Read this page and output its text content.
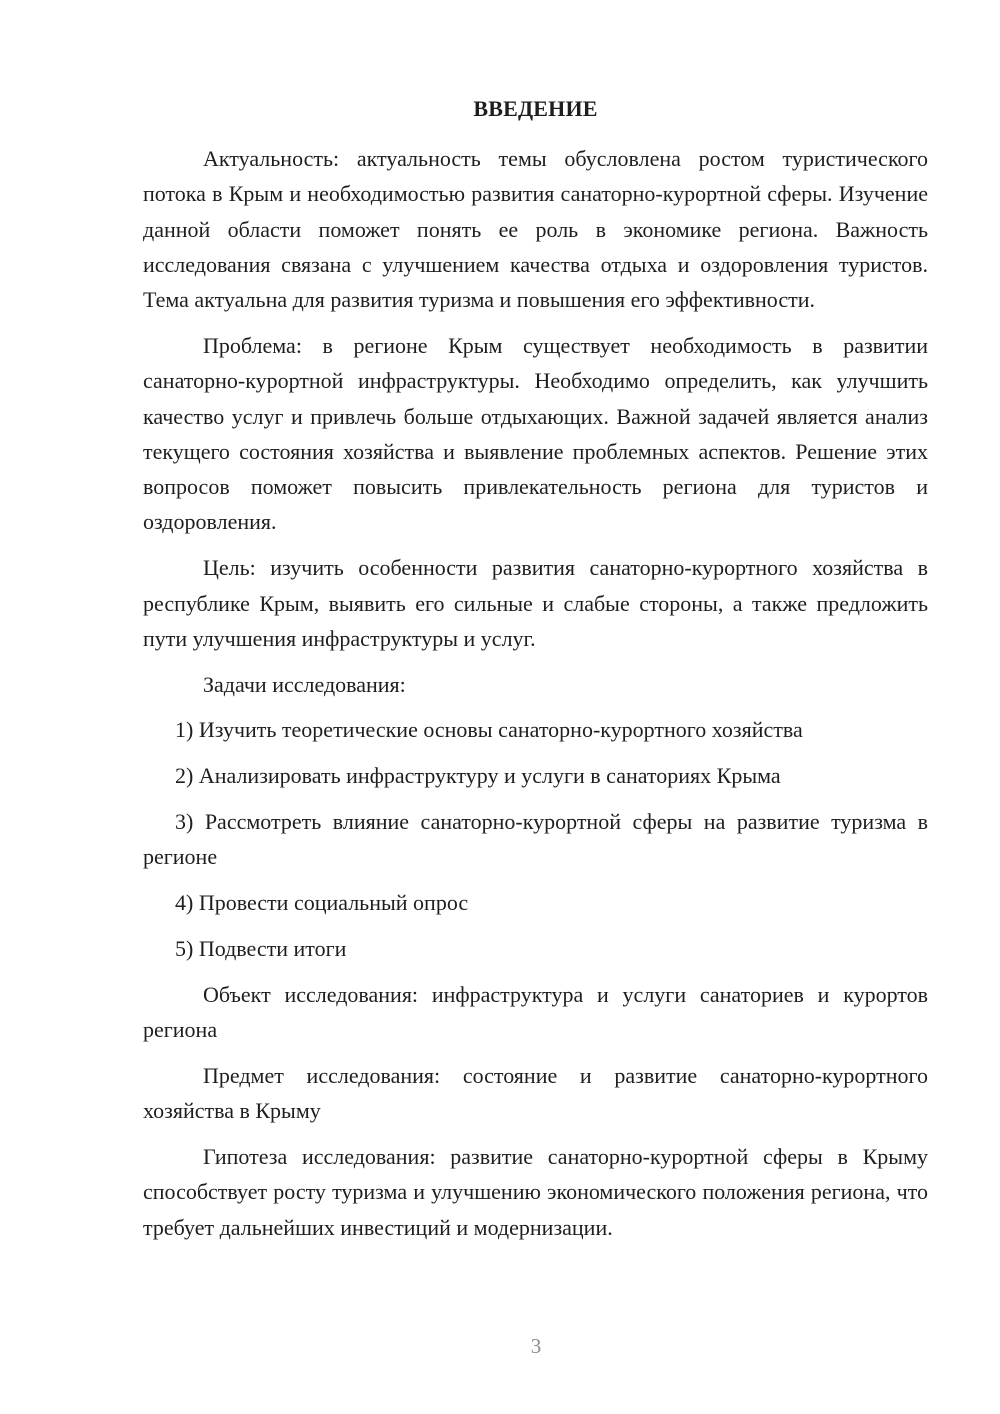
ВВЕДЕНИЕ

Актуальность: актуальность темы обусловлена ростом туристического потока в Крым и необходимостью развития санаторно-курортной сферы. Изучение данной области поможет понять ее роль в экономике региона. Важность исследования связана с улучшением качества отдыха и оздоровления туристов. Тема актуальна для развития туризма и повышения его эффективности.

Проблема: в регионе Крым существует необходимость в развитии санаторно-курортной инфраструктуры. Необходимо определить, как улучшить качество услуг и привлечь больше отдыхающих. Важной задачей является анализ текущего состояния хозяйства и выявление проблемных аспектов. Решение этих вопросов поможет повысить привлекательность региона для туристов и оздоровления.

Цель: изучить особенности развития санаторно-курортного хозяйства в республике Крым, выявить его сильные и слабые стороны, а также предложить пути улучшения инфраструктуры и услуг.

Задачи исследования:

1) Изучить теоретические основы санаторно-курортного хозяйства

2) Анализировать инфраструктуру и услуги в санаториях Крыма

3) Рассмотреть влияние санаторно-курортной сферы на развитие туризма в регионе

4) Провести социальный опрос

5) Подвести итоги

Объект исследования: инфраструктура и услуги санаториев и курортов региона

Предмет исследования: состояние и развитие санаторно-курортного хозяйства в Крыму

Гипотеза исследования: развитие санаторно-курортной сферы в Крыму способствует росту туризма и улучшению экономического положения региона, что требует дальнейших инвестиций и модернизации.

3
